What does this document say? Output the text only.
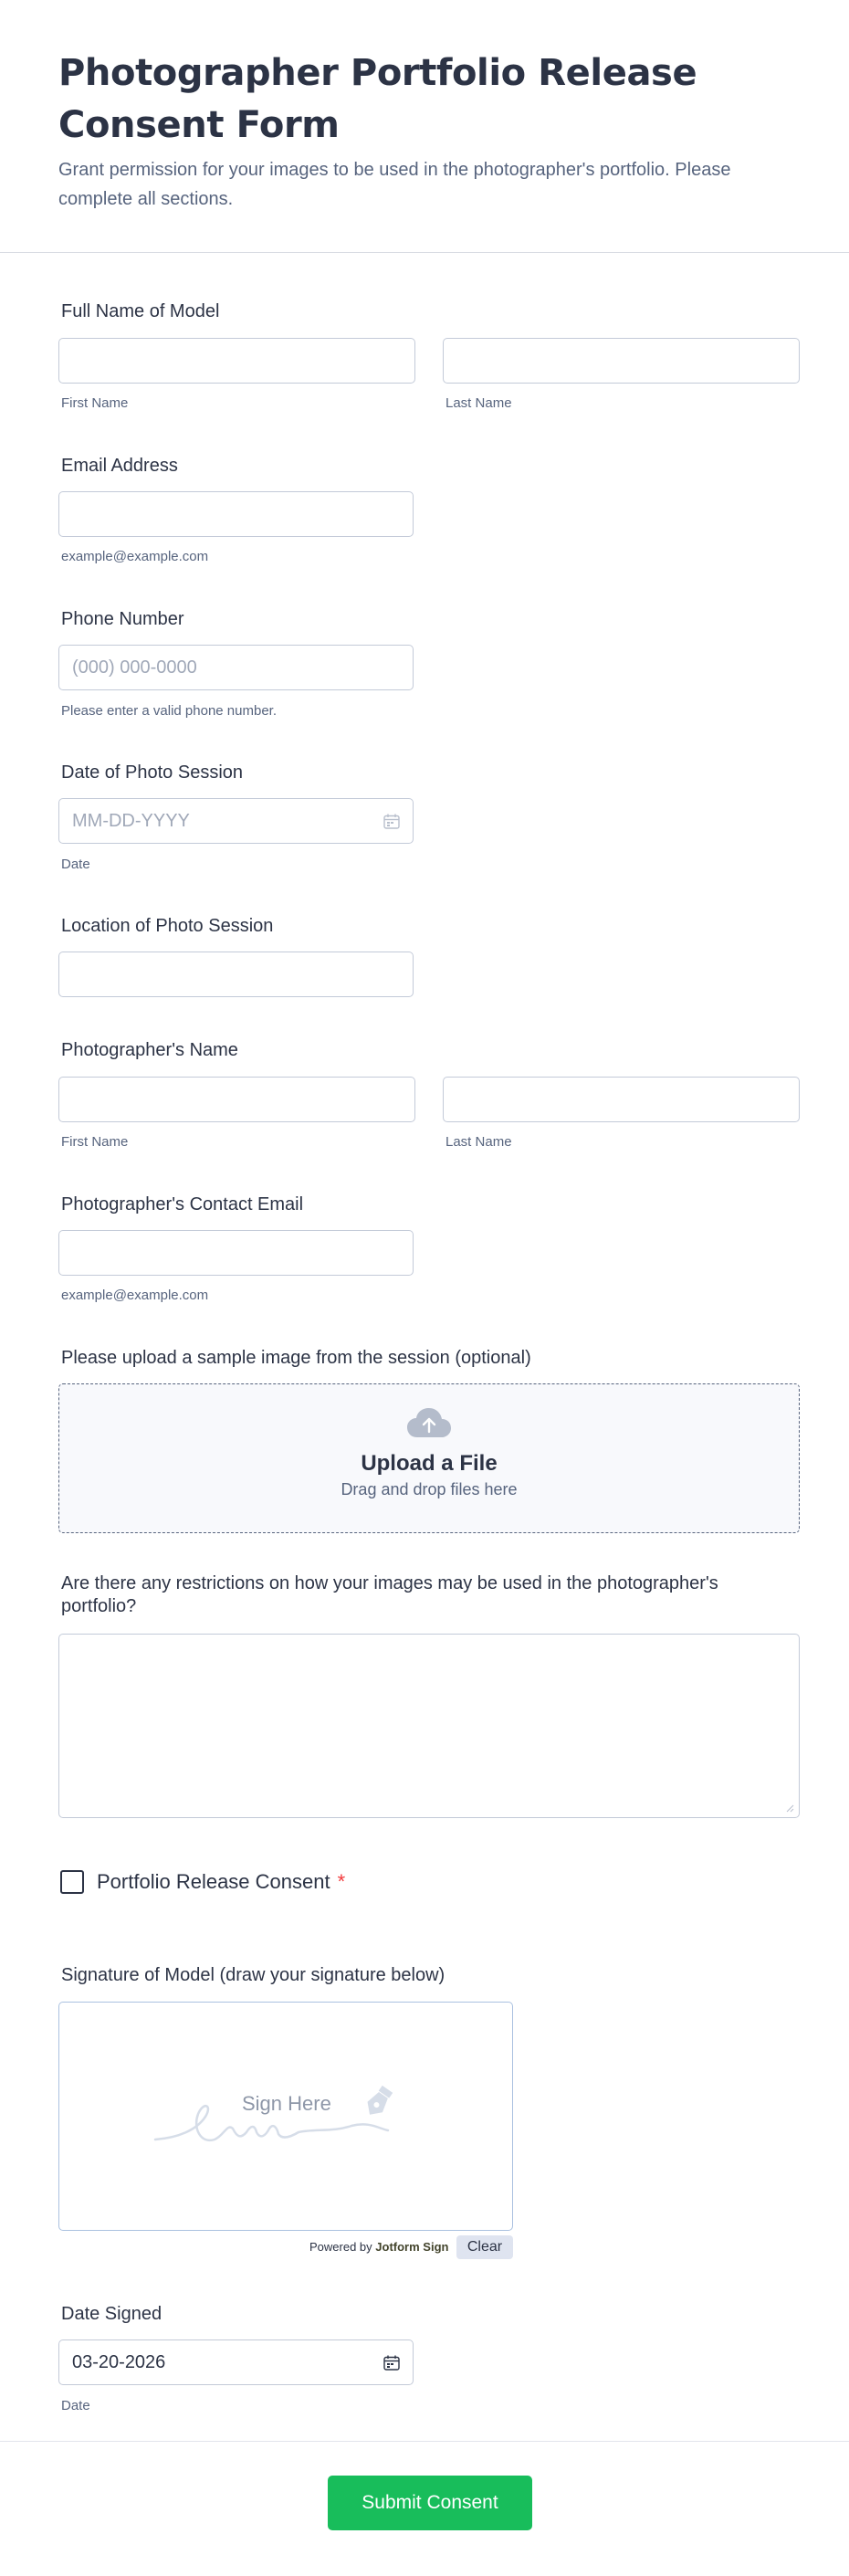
Photographer Portfolio Release Consent Form

Grant permission for your images to be used in the photographer's portfolio. Please complete all sections.

Full Name of Model
First Name	Last Name
Email Address
example@example.com
Phone Number
(000) 000-0000
Please enter a valid phone number.
Date of Photo Session
MM-DD-YYYY
Date
Location of Photo Session
Photographer's Name
First Name	Last Name
Photographer's Contact Email
example@example.com
Please upload a sample image from the session (optional)
Upload a File
Drag and drop files here
Are there any restrictions on how your images may be used in the photographer's portfolio?
Portfolio Release Consent *
Signature of Model (draw your signature below)
Sign Here
Powered by Jotform Sign	Clear
Date Signed
03-20-2026
Date
Submit Consent
